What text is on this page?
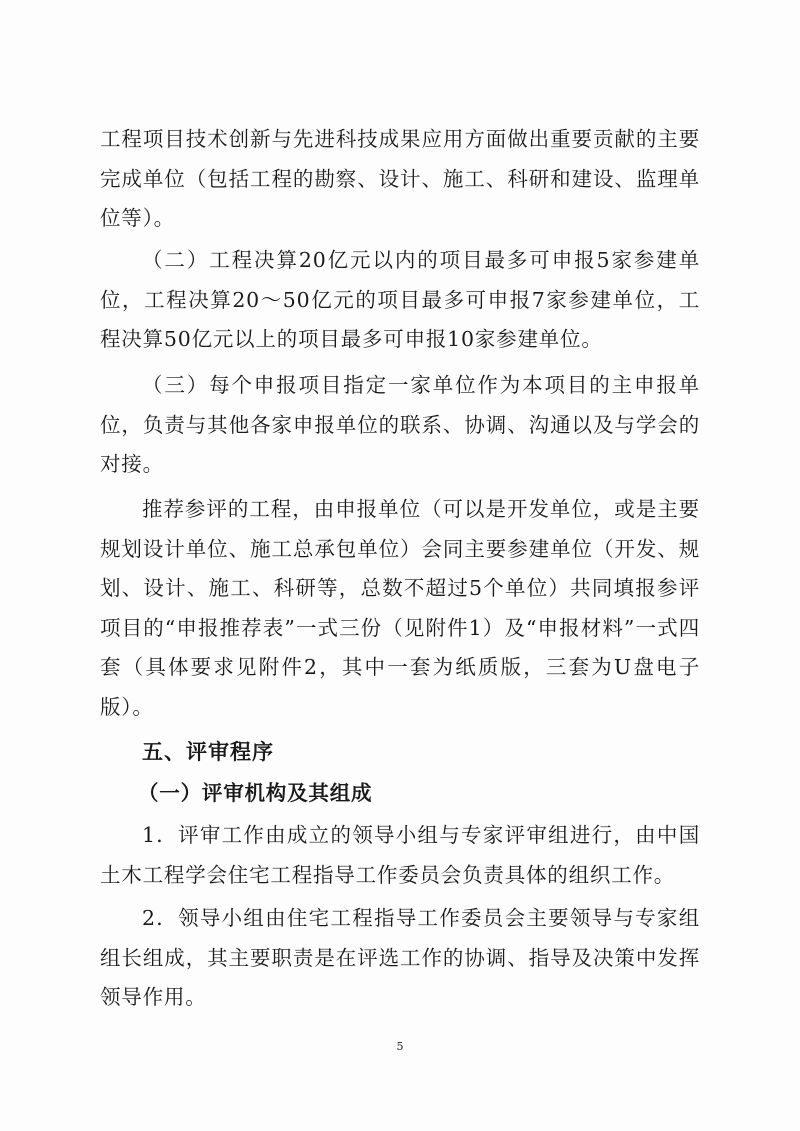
工程项目技术创新与先进科技成果应用方面做出重要贡献的主要完成单位（包括工程的勘察、设计、施工、科研和建设、监理单位等）。

（二）工程决算20亿元以内的项目最多可申报5家参建单位，工程决算20～50亿元的项目最多可申报7家参建单位，工程决算50亿元以上的项目最多可申报10家参建单位。

（三）每个申报项目指定一家单位作为本项目的主申报单位，负责与其他各家申报单位的联系、协调、沟通以及与学会的对接。

推荐参评的工程，由申报单位（可以是开发单位，或是主要规划设计单位、施工总承包单位）会同主要参建单位（开发、规划、设计、施工、科研等，总数不超过5个单位）共同填报参评项目的“申报推荐表”一式三份（见附件1）及“申报材料”一式四套（具体要求见附件2，其中一套为纸质版，三套为U盘电子版）。

五、评审程序
（一）评审机构及其组成

1．评审工作由成立的领导小组与专家评审组进行，由中国土木工程学会住宅工程指导工作委员会负责具体的组织工作。

2．领导小组由住宅工程指导工作委员会主要领导与专家组组长组成，其主要职责是在评选工作的协调、指导及决策中发挥领导作用。

5
